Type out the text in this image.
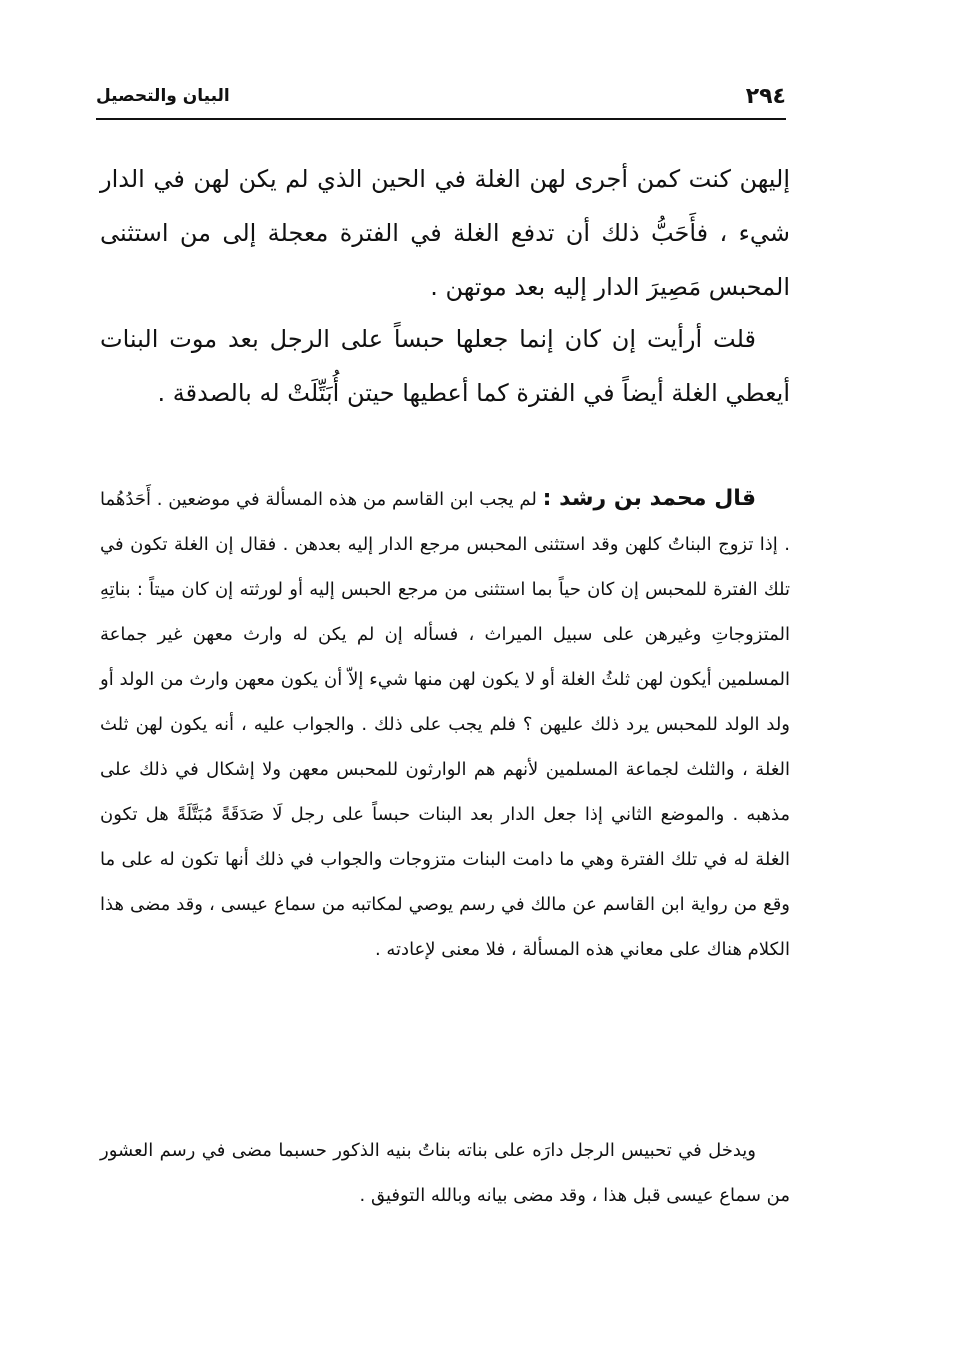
٢٩٤
البيان والتحصيل

إليهن كنت كمن أجرى لهن الغلة في الحين الذي لم يكن لهن في الدار شيء ، فأَحَبُّ ذلك أن تدفع الغلة في الفترة معجلة إلى من استثنى المحبس مَصِيرَ الدار إليه بعد موتهن .

قلت أرأيت إن كان إنما جعلها حبساً على الرجل بعد موت البنات أيعطي الغلة أيضاً في الفترة كما أعطيها حيتن أُبَتِّلَتْ له بالصدقة .

قال محمد بن رشد : لم يجب ابن القاسم من هذه المسألة في موضعين . أَحَدُهُما . إذا تزوج البناتُ كلهن وقد استثنى المحبس مرجع الدار إليه بعدهن . فقال إن الغلة تكون في تلك الفترة للمحبس إن كان حياً بما استثنى من مرجع الحبس إليه أو لورثته إن كان ميتاً : بناتِهِ المتزوجاتِ وغيرهن على سبيل الميراث ، فسأله إن لم يكن له وارث معهن غير جماعة المسلمين أيكون لهن ثلثُ الغلة أو لا يكون لهن منها شيء إلاّ أن يكون معهن وارث من الولد أو ولد الولد للمحبس يرد ذلك عليهن ؟ فلم يجب على ذلك . والجواب عليه ، أنه يكون لهن ثلث الغلة ، والثلث لجماعة المسلمين لأنهم هم الوارثون للمحبس معهن ولا إشكال في ذلك على مذهبه . والموضع الثاني إذا جعل الدار بعد البنات حبساً على رجل لَا صَدَقَةً مُبَتَّلَةً هل تكون الغلة له في تلك الفترة وهي ما دامت البنات متزوجات والجواب في ذلك أنها تكون له على ما وقع من رواية ابن القاسم عن مالك في رسم يوصي لمكاتبه من سماع عيسى ، وقد مضى هذا الكلام هناك على معاني هذه المسألة ، فلا معنى لإعادته .

ويدخل في تحبيس الرجل دارَه على بناته بناتُ بنيه الذكور حسبما مضى في رسم العشور من سماع عيسى قبل هذا ، وقد مضى بيانه وبالله التوفيق .
